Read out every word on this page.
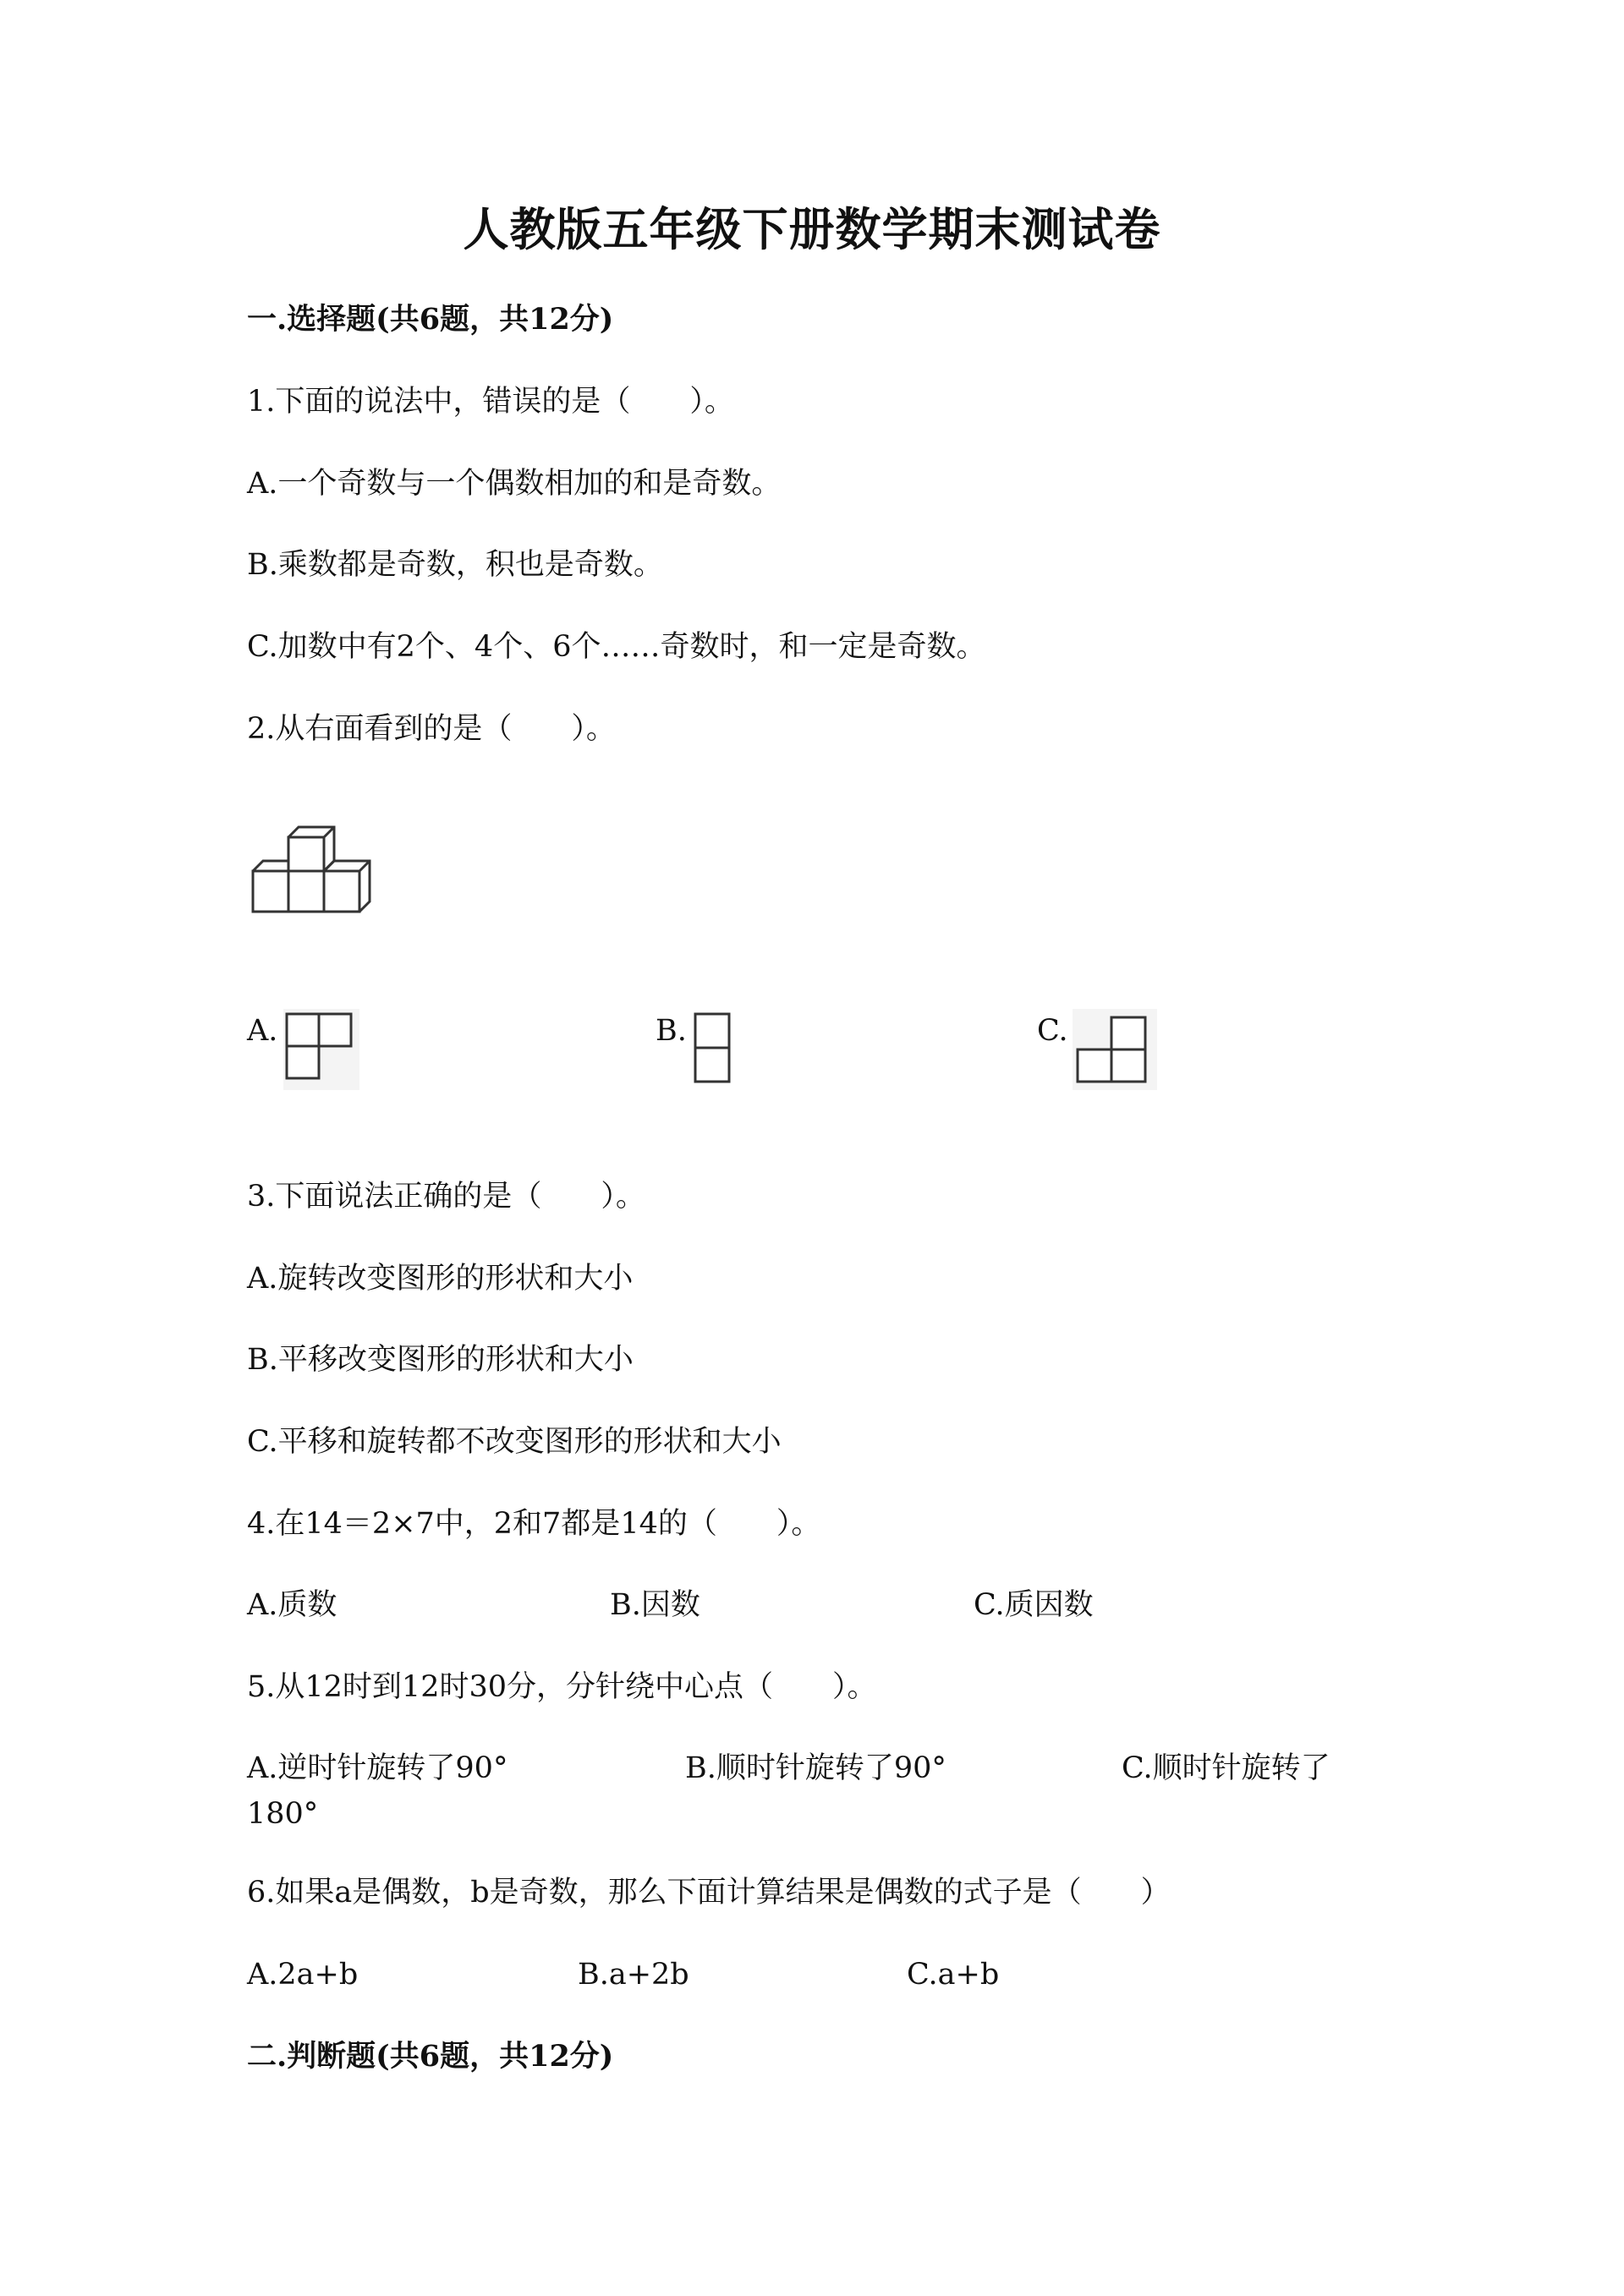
人教版五年级下册数学期末测试卷
一.选择题(共6题，共12分)
1.下面的说法中，错误的是（　　）。
A.一个奇数与一个偶数相加的和是奇数。
B.乘数都是奇数，积也是奇数。
C.加数中有2个、4个、6个……奇数时，和一定是奇数。
2.从右面看到的是（　　）。
A.	B.	C.
3.下面说法正确的是（　　）。
A.旋转改变图形的形状和大小
B.平移改变图形的形状和大小
C.平移和旋转都不改变图形的形状和大小
4.在14＝2×7中，2和7都是14的（　　）。
A.质数	B.因数	C.质因数
5.从12时到12时30分，分针绕中心点（　　）。
A.逆时针旋转了90°	B.顺时针旋转了90°	C.顺时针旋转了
180°
6.如果a是偶数，b是奇数，那么下面计算结果是偶数的式子是（　　）
A.2a+b	B.a+2b	C.a+b
二.判断题(共6题，共12分)
